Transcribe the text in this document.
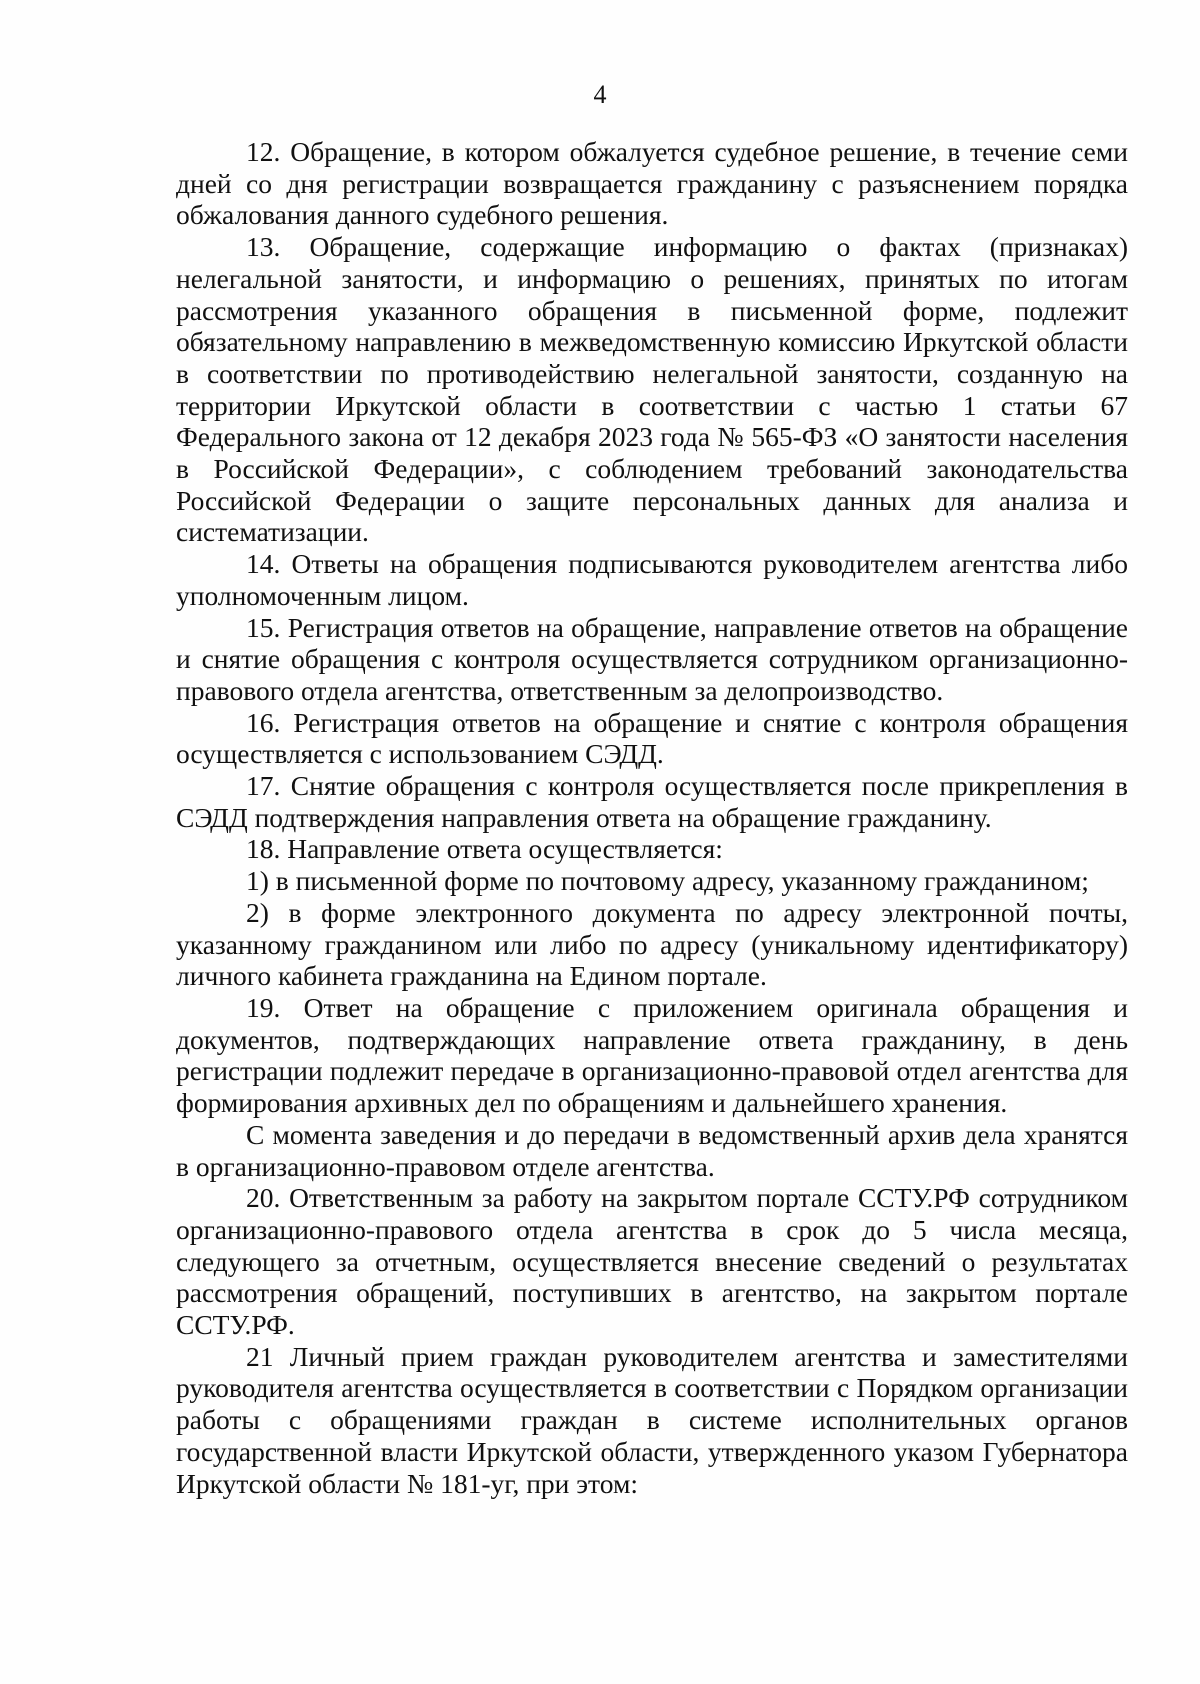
4

12. Обращение, в котором обжалуется судебное решение, в течение семи дней со дня регистрации возвращается гражданину с разъяснением порядка обжалования данного судебного решения.

13. Обращение, содержащие информацию о фактах (признаках) нелегальной занятости, и информацию о решениях, принятых по итогам рассмотрения указанного обращения в письменной форме, подлежит обязательному направлению в межведомственную комиссию Иркутской области в соответствии по противодействию нелегальной занятости, созданную на территории Иркутской области в соответствии с частью 1 статьи 67 Федерального закона от 12 декабря 2023 года № 565-ФЗ «О занятости населения в Российской Федерации», с соблюдением требований законодательства Российской Федерации о защите персональных данных для анализа и систематизации.

14. Ответы на обращения подписываются руководителем агентства либо уполномоченным лицом.

15. Регистрация ответов на обращение, направление ответов на обращение и снятие обращения с контроля осуществляется сотрудником организационно-правового отдела агентства, ответственным за делопроизводство.

16. Регистрация ответов на обращение и снятие с контроля обращения осуществляется с использованием СЭДД.

17. Снятие обращения с контроля осуществляется после прикрепления в СЭДД подтверждения направления ответа на обращение гражданину.

18. Направление ответа осуществляется:

1) в письменной форме по почтовому адресу, указанному гражданином;

2) в форме электронного документа по адресу электронной почты, указанному гражданином или либо по адресу (уникальному идентификатору) личного кабинета гражданина на Едином портале.

19. Ответ на обращение с приложением оригинала обращения и документов, подтверждающих направление ответа гражданину, в день регистрации подлежит передаче в организационно-правовой отдел агентства для формирования архивных дел по обращениям и дальнейшего хранения.

С момента заведения и до передачи в ведомственный архив дела хранятся в организационно-правовом отделе агентства.

20. Ответственным за работу на закрытом портале ССТУ.РФ сотрудником организационно-правового отдела агентства в срок до 5 числа месяца, следующего за отчетным, осуществляется внесение сведений о результатах рассмотрения обращений, поступивших в агентство, на закрытом портале ССТУ.РФ.

21 Личный прием граждан руководителем агентства и заместителями руководителя агентства осуществляется в соответствии с Порядком организации работы с обращениями граждан в системе исполнительных органов государственной власти Иркутской области, утвержденного указом Губернатора Иркутской области № 181-уг, при этом:
